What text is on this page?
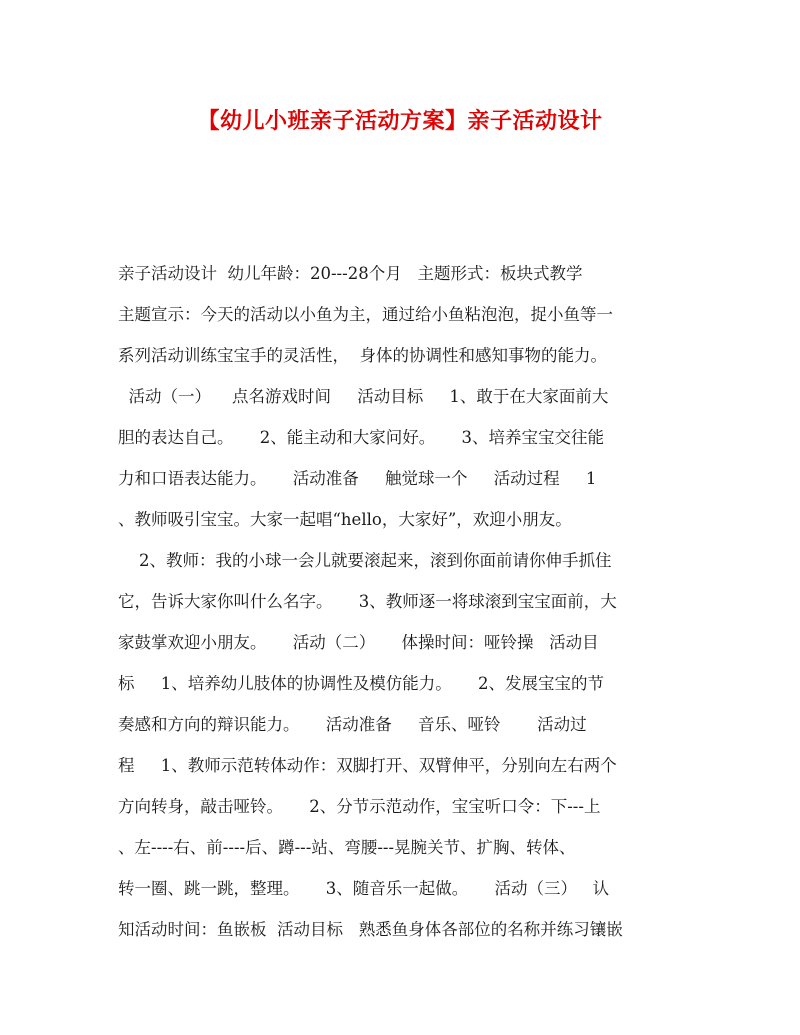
【幼儿小班亲子活动方案】亲子活动设计
亲子活动设计  幼儿年龄：20---28个月   主题形式：板块式教学
主题宣示：今天的活动以小鱼为主，通过给小鱼粘泡泡，捉小鱼等一
系列活动训练宝宝手的灵活性，  身体的协调性和感知事物的能力。
活动（一）    点名游戏时间     活动目标     1、敢于在大家面前大
胆的表达自己。     2、能主动和大家问好。     3、培养宝宝交往能
力和口语表达能力。     活动准备     触觉球一个     活动过程     1
、教师吸引宝宝。大家一起唱“hello，大家好”，欢迎小朋友。
2、教师：我的小球一会儿就要滚起来，滚到你面前请你伸手抓住
它，告诉大家你叫什么名字。     3、教师逐一将球滚到宝宝面前，大
家鼓掌欢迎小朋友。     活动（二）     体操时间：哑铃操   活动目
标     1、培养幼儿肢体的协调性及模仿能力。     2、发展宝宝的节
奏感和方向的辩识能力。     活动准备     音乐、哑铃       活动过
程     1、教师示范转体动作：双脚打开、双臂伸平，分别向左右两个
方向转身，敲击哑铃。     2、分节示范动作，宝宝听口令：下---上
、左----右、前----后、蹲---站、弯腰---晃腕关节、扩胸、转体、
转一圈、跳一跳，整理。     3、随音乐一起做。     活动（三）   认
知活动时间：鱼嵌板  活动目标   熟悉鱼身体各部位的名称并练习镶嵌
